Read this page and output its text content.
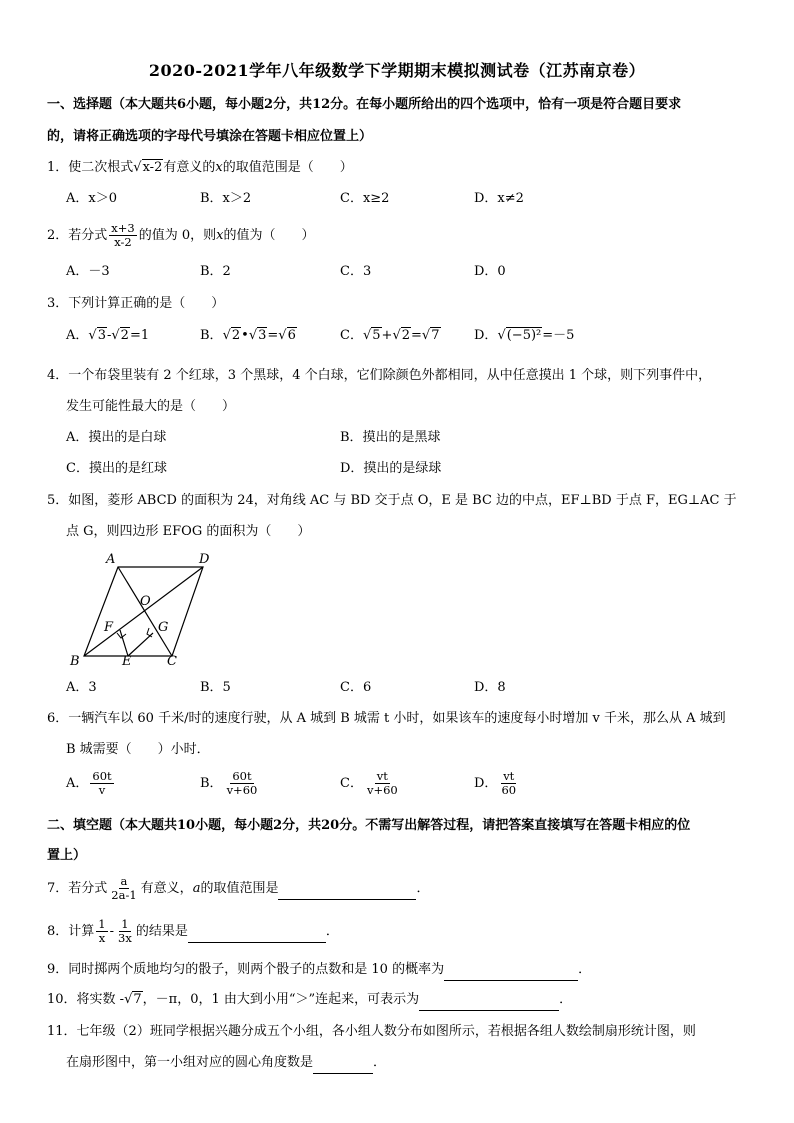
2020-2021学年八年级数学下学期期末模拟测试卷（江苏南京卷）
一、选择题（本大题共6小题，每小题2分，共12分。在每小题所给出的四个选项中，恰有一项是符合题目要求
的，请将正确选项的字母代号填涂在答题卡相应位置上）
1．使二次根式√x-2有意义的x的取值范围是（　　）
A．x＞0	B．x＞2	C．x≥2	D．x≠2
2．若分式 $\frac{x+3}{x-2}$ 的值为 0，则x的值为（　　）
A．－3	B．2	C．3	D．0
3．下列计算正确的是（　　）
A．√3-√2=1	B．√2•√3=√6	C．√5+√2=√7	D．√(−5)²=－5
4．一个布袋里装有 2 个红球，3 个黑球，4 个白球，它们除颜色外都相同，从中任意摸出 1 个球，则下列事件中，
发生可能性最大的是（　　）
A．摸出的是白球	B．摸出的是黑球
C．摸出的是红球	D．摸出的是绿球
5．如图，菱形 ABCD 的面积为 24，对角线 AC 与 BD 交于点 O，E 是 BC 边的中点，EF⊥BD 于点 F，EG⊥AC 于
点 G，则四边形 EFOG 的面积为（　　）
A	D
O
F	G
B	E	C
A．3	B．5	C．6	D．8
6．一辆汽车以 60 千米/时的速度行驶，从 A 城到 B 城需 t 小时，如果该车的速度每小时增加 v 千米，那么从 A 城到
B 城需要（　　）小时．
A． $\frac{60t}{v}$	B． $\frac{60t}{v+60}$	C． $\frac{vt}{v+60}$	D． $\frac{vt}{60}$
二、填空题（本大题共10小题，每小题2分，共20分。不需写出解答过程，请把答案直接填写在答题卡相应的位
置上）
7．若分式 $\frac{a}{2a-1}$ 有意义，a的取值范围是	．
8．计算 $\frac{1}{x} - \frac{1}{3x}$ 的结果是	．
9．同时掷两个质地均匀的骰子，则两个骰子的点数和是 10 的概率为	．
10．将实数 -√7，－π，0，1 由大到小用“＞”连起来，可表示为	．
11．七年级（2）班同学根据兴趣分成五个小组，各小组人数分布如图所示，若根据各组人数绘制扇形统计图，则
在扇形图中，第一小组对应的圆心角度数是	．
